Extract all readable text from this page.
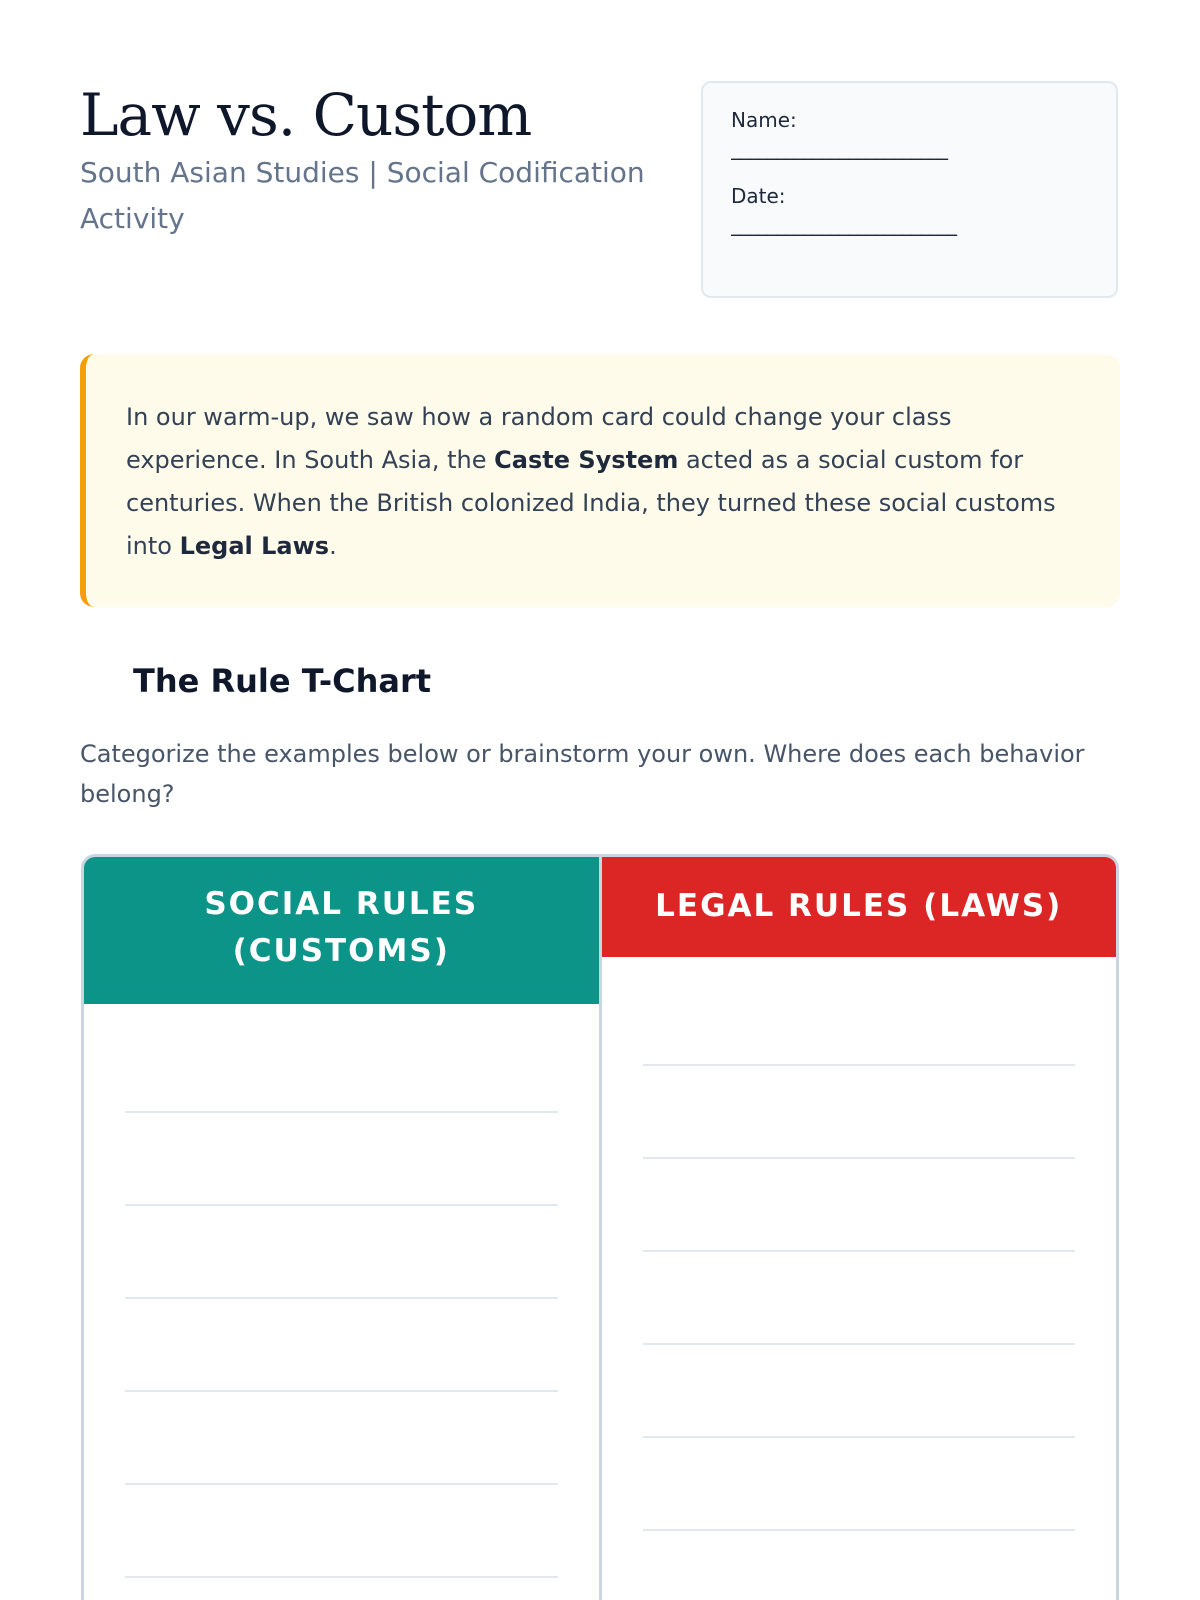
Law vs. Custom
South Asian Studies | Social Codification Activity
Name:
________________________
Date:
_________________________

In our warm-up, we saw how a random card could change your class experience. In South Asia, the Caste System acted as a social custom for centuries. When the British colonized India, they turned these social customs into Legal Laws.

The Rule T-Chart

Categorize the examples below or brainstorm your own. Where does each behavior belong?

SOCIAL RULES (CUSTOMS)
LEGAL RULES (LAWS)
